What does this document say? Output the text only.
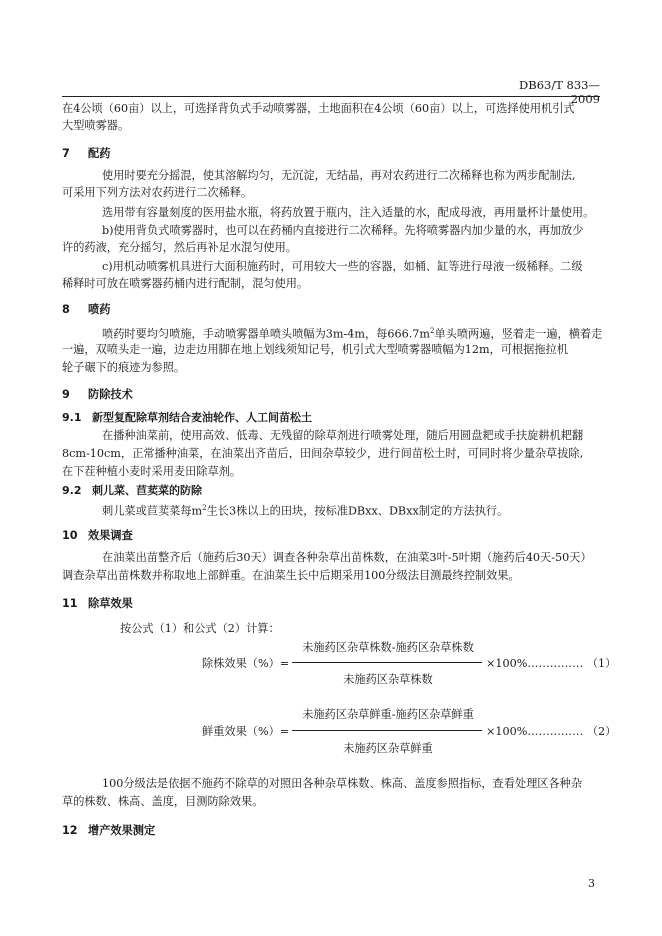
DB63/T 833—2009
在4公顷（60亩）以上，可选择背负式手动喷雾器，土地面积在4公顷（60亩）以上，可选择使用机引式
大型喷雾器。
7 配药
使用时要充分摇混，使其溶解均匀，无沉淀，无结晶，再对农药进行二次稀释也称为两步配制法,
可采用下列方法对农药进行二次稀释。
选用带有容量刻度的医用盐水瓶，将药放置于瓶内，注入适量的水，配成母液，再用量杯计量使用。
b)使用背负式喷雾器时，也可以在药桶内直接进行二次稀释。先将喷雾器内加少量的水，再加放少
许的药液，充分摇匀，然后再补足水混匀使用。
c)用机动喷雾机具进行大面积施药时，可用较大一些的容器，如桶、缸等进行母液一级稀释。二级
稀释时可放在喷雾器药桶内进行配制，混匀使用。
8 喷药
喷药时要均匀喷施，手动喷雾器单喷头喷幅为3m-4m，每$666.7m^2$单头喷两遍，竖着走一遍，横着走
一遍，双喷头走一遍，边走边用脚在地上划线须知记号，机引式大型喷雾器喷幅为12m，可根据拖拉机
轮子碾下的痕迹为参照。
9 防除技术
9.1 新型复配除草剂结合麦油轮作、人工间苗松土
在播种油菜前，使用高效、低毒、无残留的除草剂进行喷雾处理，随后用圆盘耙或手扶旋耕机耙翻
8cm-10cm，正常播种油菜，在油菜出齐苗后，田间杂草较少，进行间苗松土时，可同时将少量杂草拔除,
在下茬种植小麦时采用麦田除草剂。
9.2 刺儿菜、苣荬菜的防除
刺儿菜或苣荬菜每$m^2$生长3株以上的田块，按标准DBxx、DBxx制定的方法执行。
10 效果调查
在油菜出苗整齐后（施药后30天）调查各种杂草出苗株数，在油菜3叶-5叶期（施药后40天-50天）
调查杂草出苗株数并称取地上部鲜重。在油菜生长中后期采用100分级法目测最终控制效果。
11 除草效果
按公式（1）和公式（2）计算：
未施药区杂草株数-施药区杂草株数
除株效果（%）=	×100%…………… （1）
未施药区杂草株数
未施药区杂草鲜重-施药区杂草鲜重
鲜重效果（%）=	×100%…………… （2）
未施药区杂草鲜重
100分级法是依据不施药不除草的对照田各种杂草株数、株高、盖度参照指标，查看处理区各种杂
草的株数、株高、盖度，目测防除效果。
12 增产效果测定
3
